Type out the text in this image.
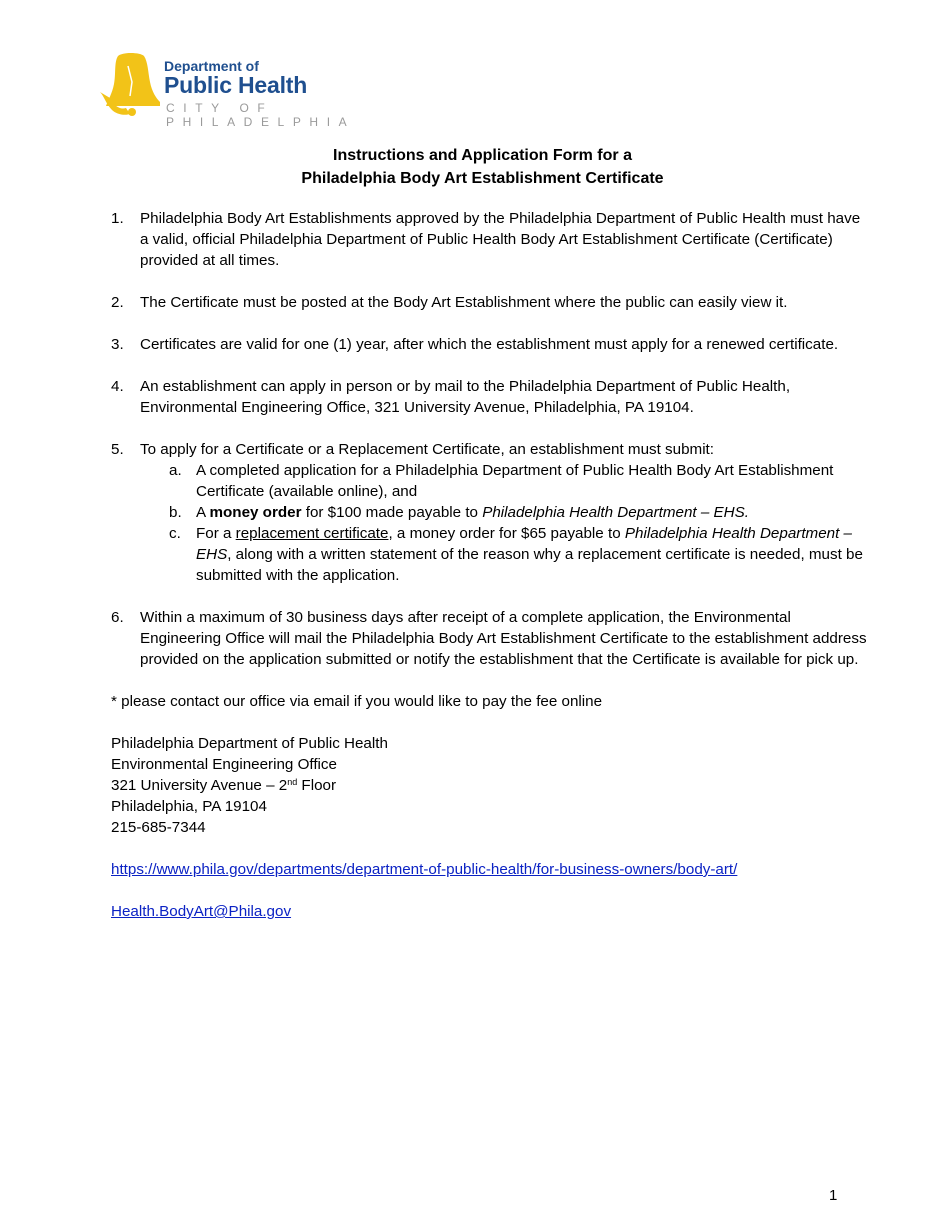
Department of
Public Health
CITY OF PHILADELPHIA
Instructions and Application Form for a
Philadelphia Body Art Establishment Certificate
1. Philadelphia Body Art Establishments approved by the Philadelphia Department of Public Health must have a valid, official Philadelphia Department of Public Health Body Art Establishment Certificate (Certificate) provided at all times.
2. The Certificate must be posted at the Body Art Establishment where the public can easily view it.
3. Certificates are valid for one (1) year, after which the establishment must apply for a renewed certificate.
4. An establishment can apply in person or by mail to the Philadelphia Department of Public Health, Environmental Engineering Office, 321 University Avenue, Philadelphia, PA 19104.
5. To apply for a Certificate or a Replacement Certificate, an establishment must submit:
a. A completed application for a Philadelphia Department of Public Health Body Art Establishment Certificate (available online), and
b. A money order for $100 made payable to Philadelphia Health Department – EHS.
c. For a replacement certificate, a money order for $65 payable to Philadelphia Health Department – EHS, along with a written statement of the reason why a replacement certificate is needed, must be submitted with the application.
6. Within a maximum of 30 business days after receipt of a complete application, the Environmental Engineering Office will mail the Philadelphia Body Art Establishment Certificate to the establishment address provided on the application submitted or notify the establishment that the Certificate is available for pick up.
* please contact our office via email if you would like to pay the fee online
Philadelphia Department of Public Health
Environmental Engineering Office
321 University Avenue – 2nd Floor
Philadelphia, PA 19104
215-685-7344
https://www.phila.gov/departments/department-of-public-health/for-business-owners/body-art/
Health.BodyArt@Phila.gov
1
